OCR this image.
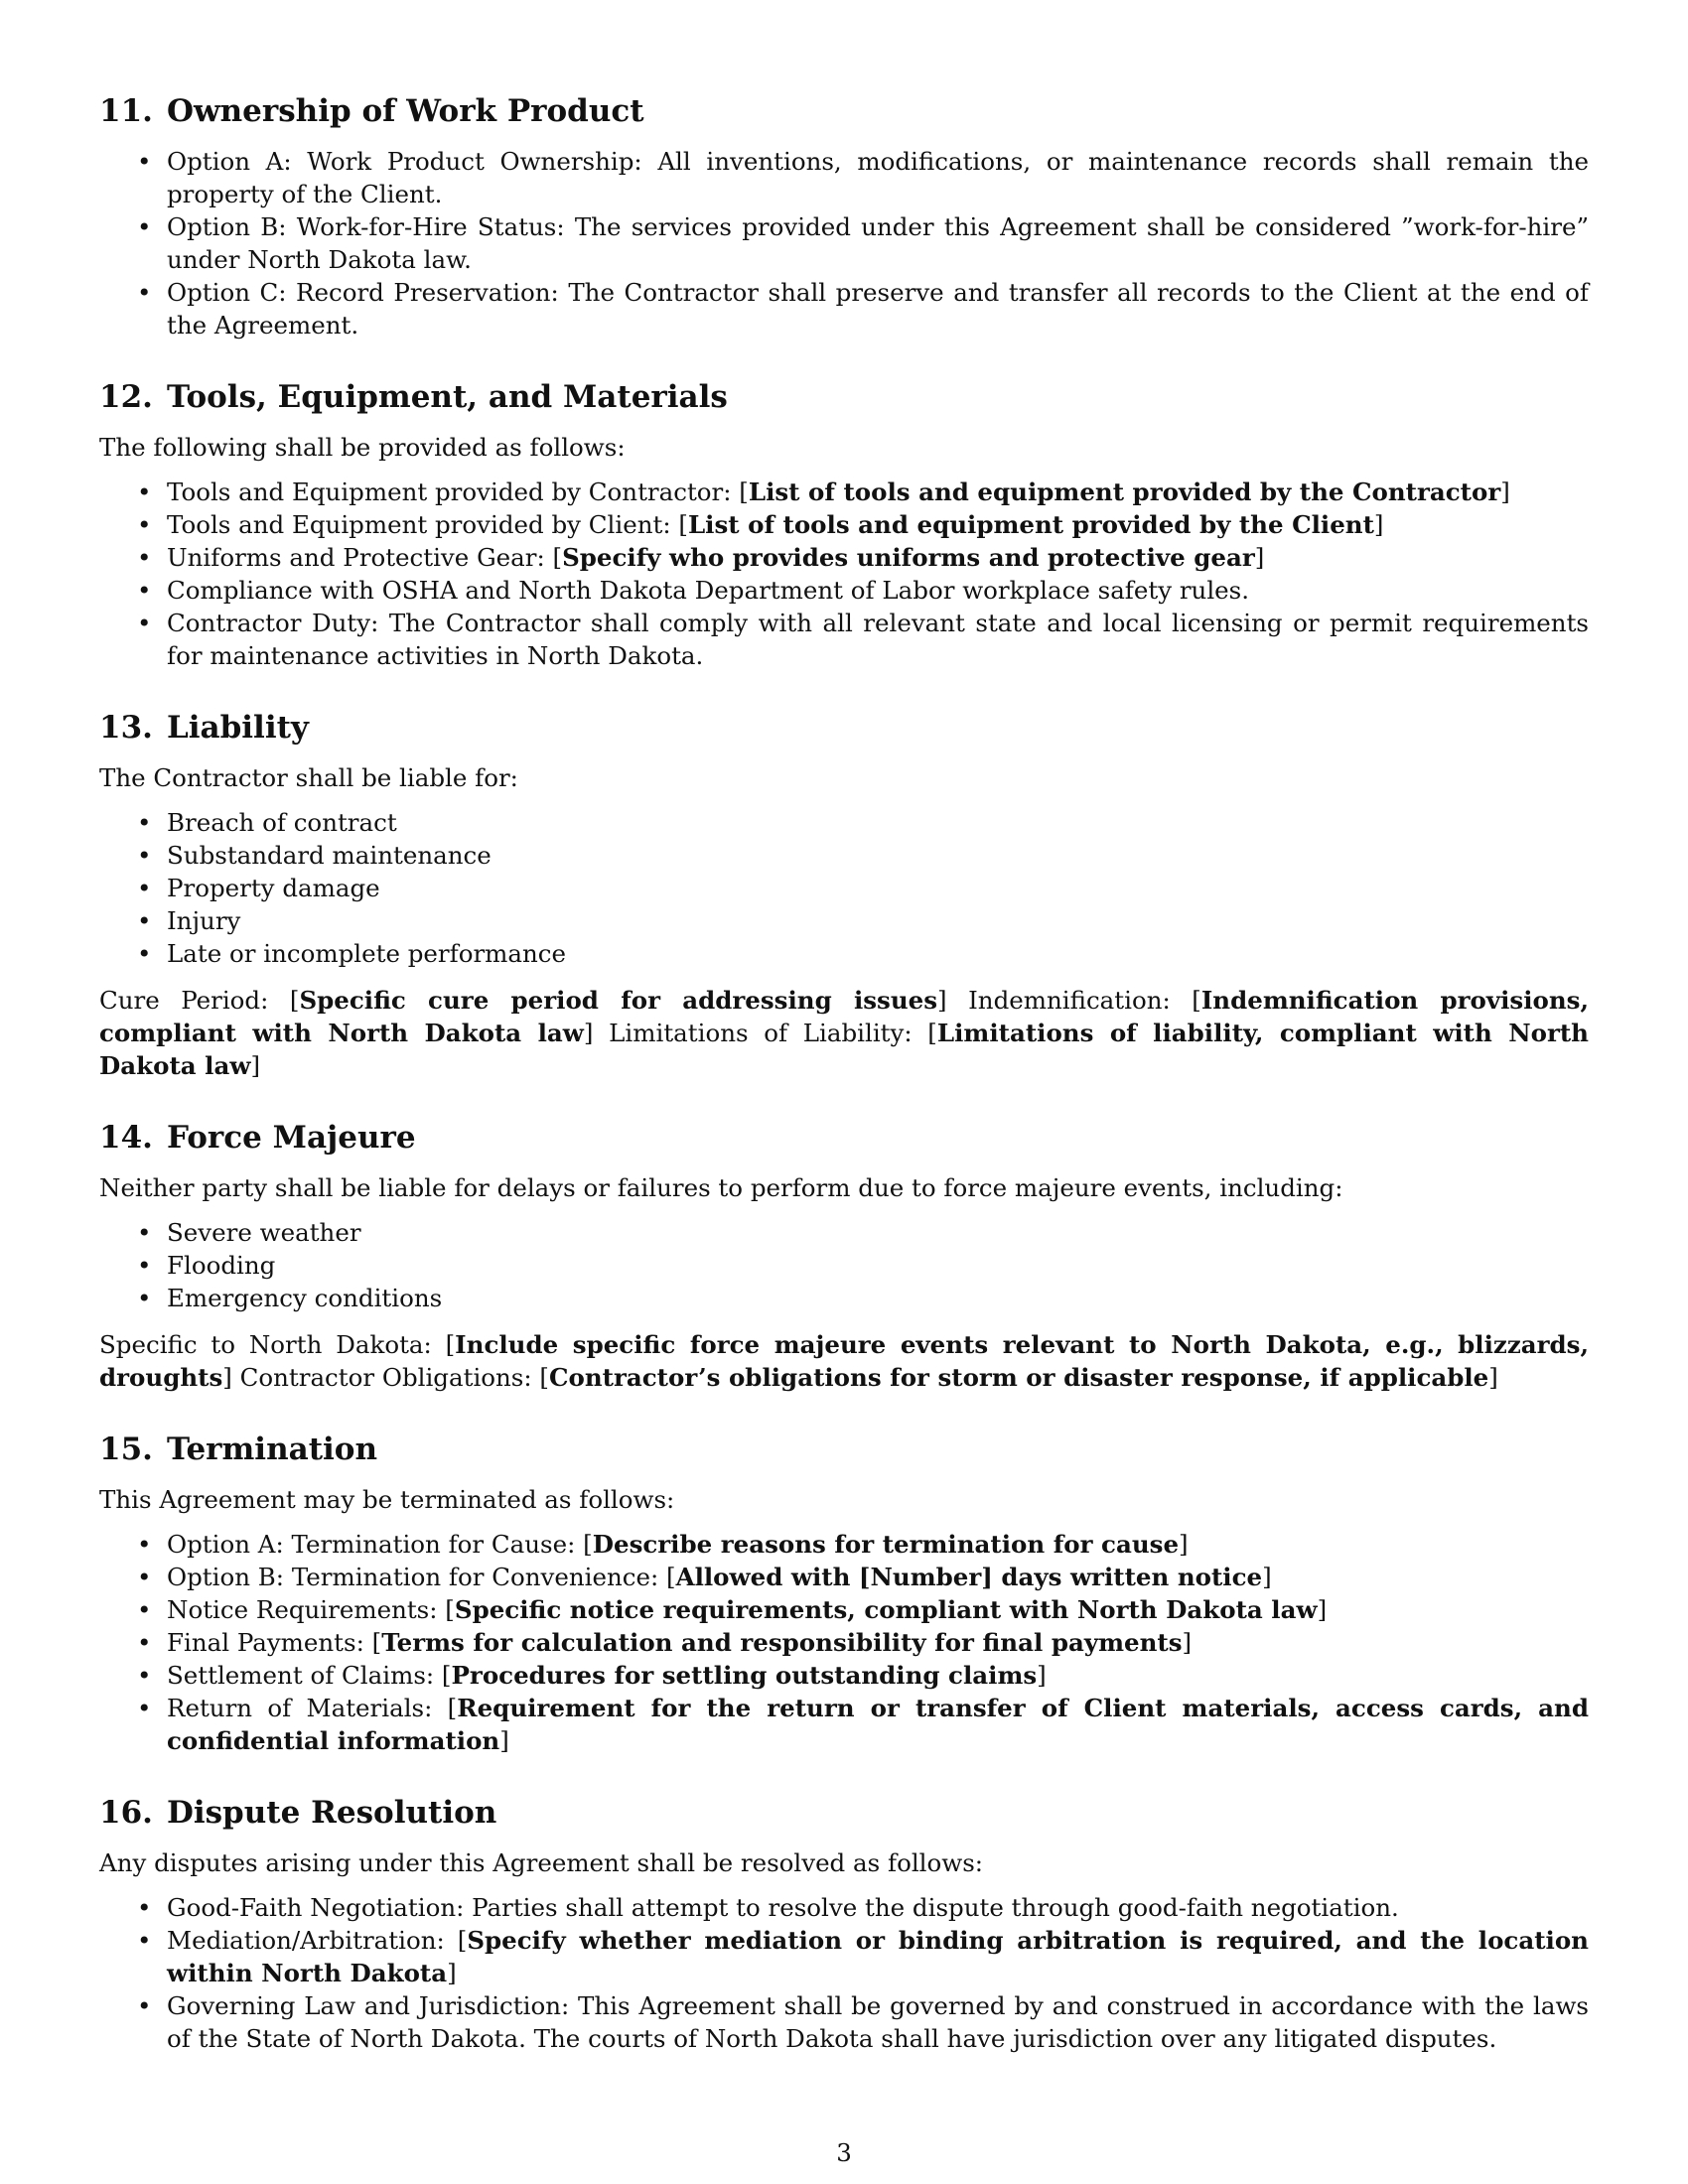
11. Ownership of Work Product
• Option A: Work Product Ownership: All inventions, modifications, or maintenance records shall remain the property of the Client.
• Option B: Work-for-Hire Status: The services provided under this Agreement shall be considered ”work-for-hire” under North Dakota law.
• Option C: Record Preservation: The Contractor shall preserve and transfer all records to the Client at the end of the Agreement.
12. Tools, Equipment, and Materials

The following shall be provided as follows:

• Tools and Equipment provided by Contractor: [List of tools and equipment provided by the Contractor]
• Tools and Equipment provided by Client: [List of tools and equipment provided by the Client]
• Uniforms and Protective Gear: [Specify who provides uniforms and protective gear]
• Compliance with OSHA and North Dakota Department of Labor workplace safety rules.
• Contractor Duty: The Contractor shall comply with all relevant state and local licensing or permit requirements for maintenance activities in North Dakota.
13. Liability

The Contractor shall be liable for:

• Breach of contract
• Substandard maintenance
• Property damage
• Injury
• Late or incomplete performance

Cure Period: [Specific cure period for addressing issues] Indemnification: [Indemnification provisions, compliant with North Dakota law] Limitations of Liability: [Limitations of liability, compliant with North Dakota law]

14. Force Majeure

Neither party shall be liable for delays or failures to perform due to force majeure events, including:

• Severe weather
• Flooding
• Emergency conditions

Specific to North Dakota: [Include specific force majeure events relevant to North Dakota, e.g., blizzards, droughts] Contractor Obligations: [Contractor’s obligations for storm or disaster response, if applicable]

15. Termination

This Agreement may be terminated as follows:

• Option A: Termination for Cause: [Describe reasons for termination for cause]
• Option B: Termination for Convenience: [Allowed with [Number] days written notice]
• Notice Requirements: [Specific notice requirements, compliant with North Dakota law]
• Final Payments: [Terms for calculation and responsibility for final payments]
• Settlement of Claims: [Procedures for settling outstanding claims]
• Return of Materials: [Requirement for the return or transfer of Client materials, access cards, and confidential information]
16. Dispute Resolution

Any disputes arising under this Agreement shall be resolved as follows:

• Good-Faith Negotiation: Parties shall attempt to resolve the dispute through good-faith negotiation.
• Mediation/Arbitration: [Specify whether mediation or binding arbitration is required, and the location within North Dakota]
• Governing Law and Jurisdiction: This Agreement shall be governed by and construed in accordance with the laws of the State of North Dakota. The courts of North Dakota shall have jurisdiction over any litigated disputes.
3
